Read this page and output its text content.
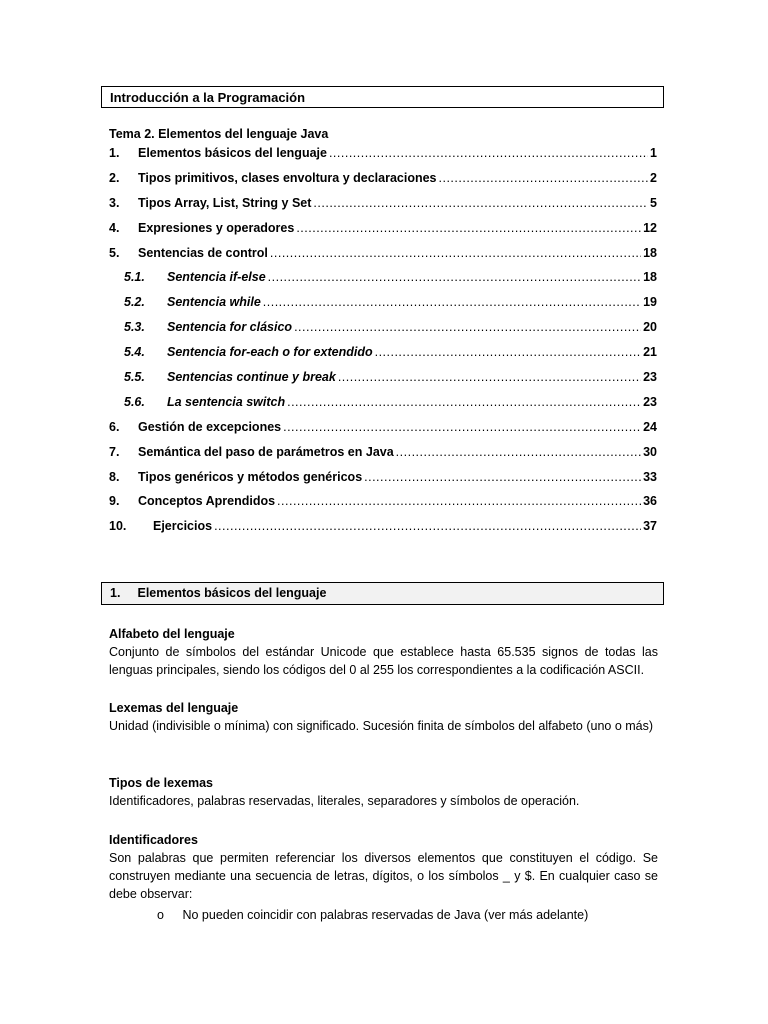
Introducción a la Programación
Tema 2. Elementos del lenguaje Java
1.	Elementos básicos del lenguaje .....	1
2.	Tipos primitivos, clases envoltura y declaraciones .....	2
3.	Tipos Array, List, String y Set .....	5
4.	Expresiones y operadores .....	12
5.	Sentencias de control .....	18
5.1.	Sentencia if-else .....	18
5.2.	Sentencia while .....	19
5.3.	Sentencia for clásico .....	20
5.4.	Sentencia for-each o for extendido .....	21
5.5.	Sentencias continue y break .....	23
5.6.	La sentencia switch .....	23
6.	Gestión de excepciones .....	24
7.	Semántica del paso de parámetros en Java .....	30
8.	Tipos genéricos y métodos genéricos .....	33
9.	Conceptos Aprendidos .....	36
10.	Ejercicios .....	37
1. Elementos básicos del lenguaje
Alfabeto del lenguaje
Conjunto de símbolos del estándar Unicode que establece hasta 65.535 signos de todas las lenguas principales, siendo los códigos del 0 al 255 los correspondientes a la codificación ASCII.
Lexemas del lenguaje
Unidad (indivisible o mínima) con significado. Sucesión finita de símbolos del alfabeto (uno o más)
Tipos de lexemas
Identificadores, palabras reservadas, literales, separadores y símbolos de operación.
Identificadores
Son palabras que permiten referenciar los diversos elementos que constituyen el código. Se construyen mediante una secuencia de letras, dígitos, o los símbolos _ y $. En cualquier caso se debe observar:
o No pueden coincidir con palabras reservadas de Java (ver más adelante)
